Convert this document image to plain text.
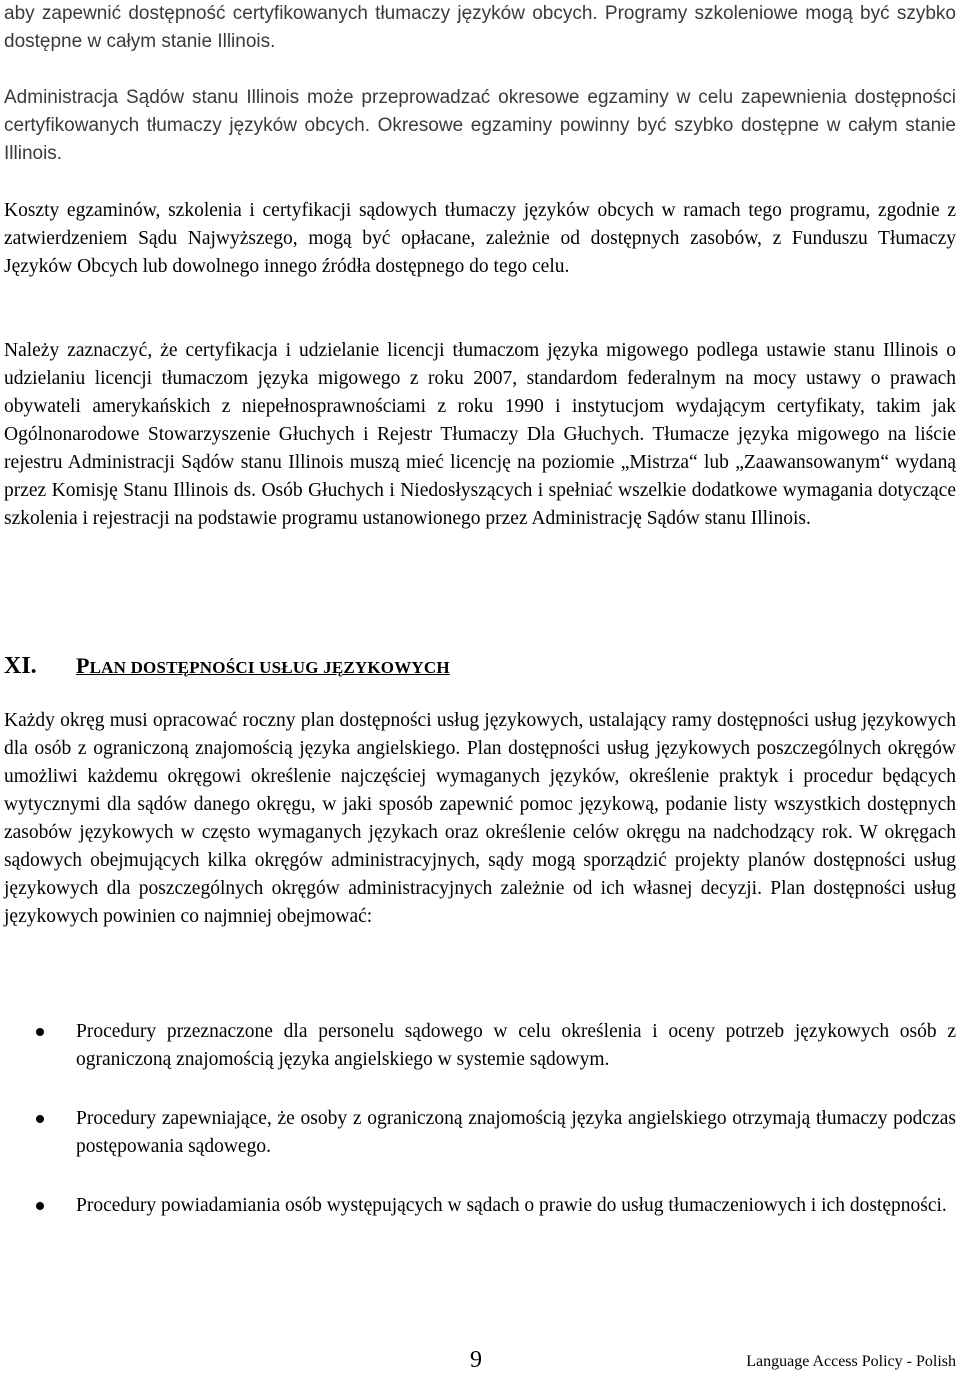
aby zapewnić dostępność certyfikowanych tłumaczy języków obcych. Programy szkoleniowe mogą być szybko dostępne w całym stanie Illinois.

Administracja Sądów stanu Illinois może przeprowadzać okresowe egzaminy w celu zapewnienia dostępności certyfikowanych tłumaczy języków obcych. Okresowe egzaminy powinny być szybko dostępne w całym stanie Illinois.

Koszty egzaminów, szkolenia i certyfikacji sądowych tłumaczy języków obcych w ramach tego programu, zgodnie z zatwierdzeniem Sądu Najwyższego, mogą być opłacane, zależnie od dostępnych zasobów, z Funduszu Tłumaczy Języków Obcych lub dowolnego innego źródła dostępnego do tego celu.

Należy zaznaczyć, że certyfikacja i udzielanie licencji tłumaczom języka migowego podlega ustawie stanu Illinois o udzielaniu licencji tłumaczom języka migowego z roku 2007, standardom federalnym na mocy ustawy o prawach obywateli amerykańskich z niepełnosprawnościami z roku 1990 i instytucjom wydającym certyfikaty, takim jak Ogólnonarodowe Stowarzyszenie Głuchych i Rejestr Tłumaczy Dla Głuchych. Tłumacze języka migowego na liście rejestru Administracji Sądów stanu Illinois muszą mieć licencję na poziomie „Mistrza“ lub „Zaawansowanym“ wydaną przez Komisję Stanu Illinois ds. Osób Głuchych i Niedosłyszących i spełniać wszelkie dodatkowe wymagania dotyczące szkolenia i rejestracji na podstawie programu ustanowionego przez Administrację Sądów stanu Illinois.

XI. PLAN DOSTĘPNOŚCI USŁUG JĘZYKOWYCH

Każdy okręg musi opracować roczny plan dostępności usług językowych, ustalający ramy dostępności usług językowych dla osób z ograniczoną znajomością języka angielskiego. Plan dostępności usług językowych poszczególnych okręgów umożliwi każdemu okręgowi określenie najczęściej wymaganych języków, określenie praktyk i procedur będących wytycznymi dla sądów danego okręgu, w jaki sposób zapewnić pomoc językową, podanie listy wszystkich dostępnych zasobów językowych w często wymaganych językach oraz określenie celów okręgu na nadchodzący rok. W okręgach sądowych obejmujących kilka okręgów administracyjnych, sądy mogą sporządzić projekty planów dostępności usług językowych dla poszczególnych okręgów administracyjnych zależnie od ich własnej decyzji. Plan dostępności usług językowych powinien co najmniej obejmować:

Procedury przeznaczone dla personelu sądowego w celu określenia i oceny potrzeb językowych osób z ograniczoną znajomością języka angielskiego w systemie sądowym.

Procedury zapewniające, że osoby z ograniczoną znajomością języka angielskiego otrzymają tłumaczy podczas postępowania sądowego.

Procedury powiadamiania osób występujących w sądach o prawie do usług tłumaczeniowych i ich dostępności.

9	Language Access Policy - Polish
